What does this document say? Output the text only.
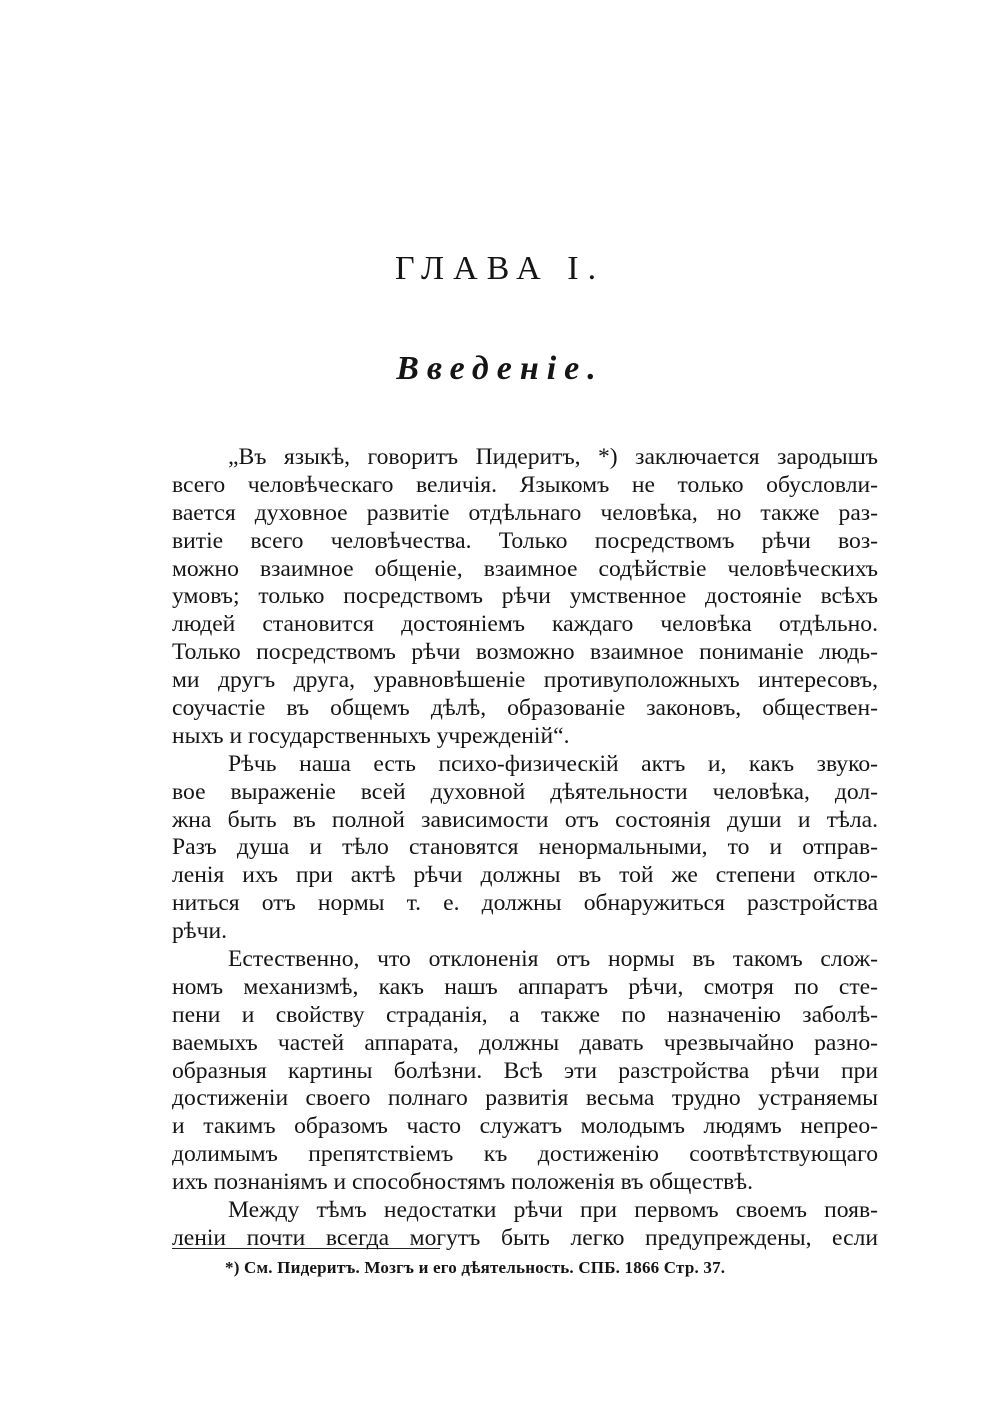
ГЛАВА І.
Введенiе.
„Въ языкѣ, говоритъ Пидеритъ, *) заключается зародышъ
всего человѣческаго величiя. Языкомъ не только обусловли-
вается духовное развитiе отдѣльнаго человѣка, но также раз-
витiе всего человѣчества. Только посредствомъ рѣчи воз-
можно взаимное общенiе, взаимное содѣйствiе человѣческихъ
умовъ; только посредствомъ рѣчи умственное достоянiе всѣхъ
людей становится достоянiемъ каждаго человѣка отдѣльно.
Только посредствомъ рѣчи возможно взаимное пониманiе людь-
ми другъ друга, уравновѣшенiе противуположныхъ интересовъ,
соучастiе въ общемъ дѣлѣ, образованiе законовъ, обществен-
ныхъ и государственныхъ учрежденiй“.
Рѣчь наша есть психо-физическiй актъ и, какъ звуко-
вое выраженiе всей духовной дѣятельности человѣка, дол-
жна быть въ полной зависимости отъ состоянiя души и тѣла.
Разъ душа и тѣло становятся ненормальными, то и отправ-
ленiя ихъ при актѣ рѣчи должны въ той же степени откло-
ниться отъ нормы т. е. должны обнаружиться разстройства
рѣчи.
Естественно, что отклоненiя отъ нормы въ такомъ слож-
номъ механизмѣ, какъ нашъ аппаратъ рѣчи, смотря по сте-
пени и свойству страданiя, а также по назначенiю заболѣ-
ваемыхъ частей аппарата, должны давать чрезвычайно разно-
образныя картины болѣзни. Всѣ эти разстройства рѣчи при
достиженiи своего полнаго развитiя весьма трудно устраняемы
и такимъ образомъ часто служатъ молодымъ людямъ непрео-
долимымъ препятствiемъ къ достиженiю соотвѣтствующаго
ихъ познанiямъ и способностямъ положенiя въ обществѣ.
Между тѣмъ недостатки рѣчи при первомъ своемъ появ-
ленiи почти всегда могутъ быть легко предупреждены, если
*) См. Пидеритъ. Мозгъ и его дѣятельность. СПБ. 1866 Стр. 37.
